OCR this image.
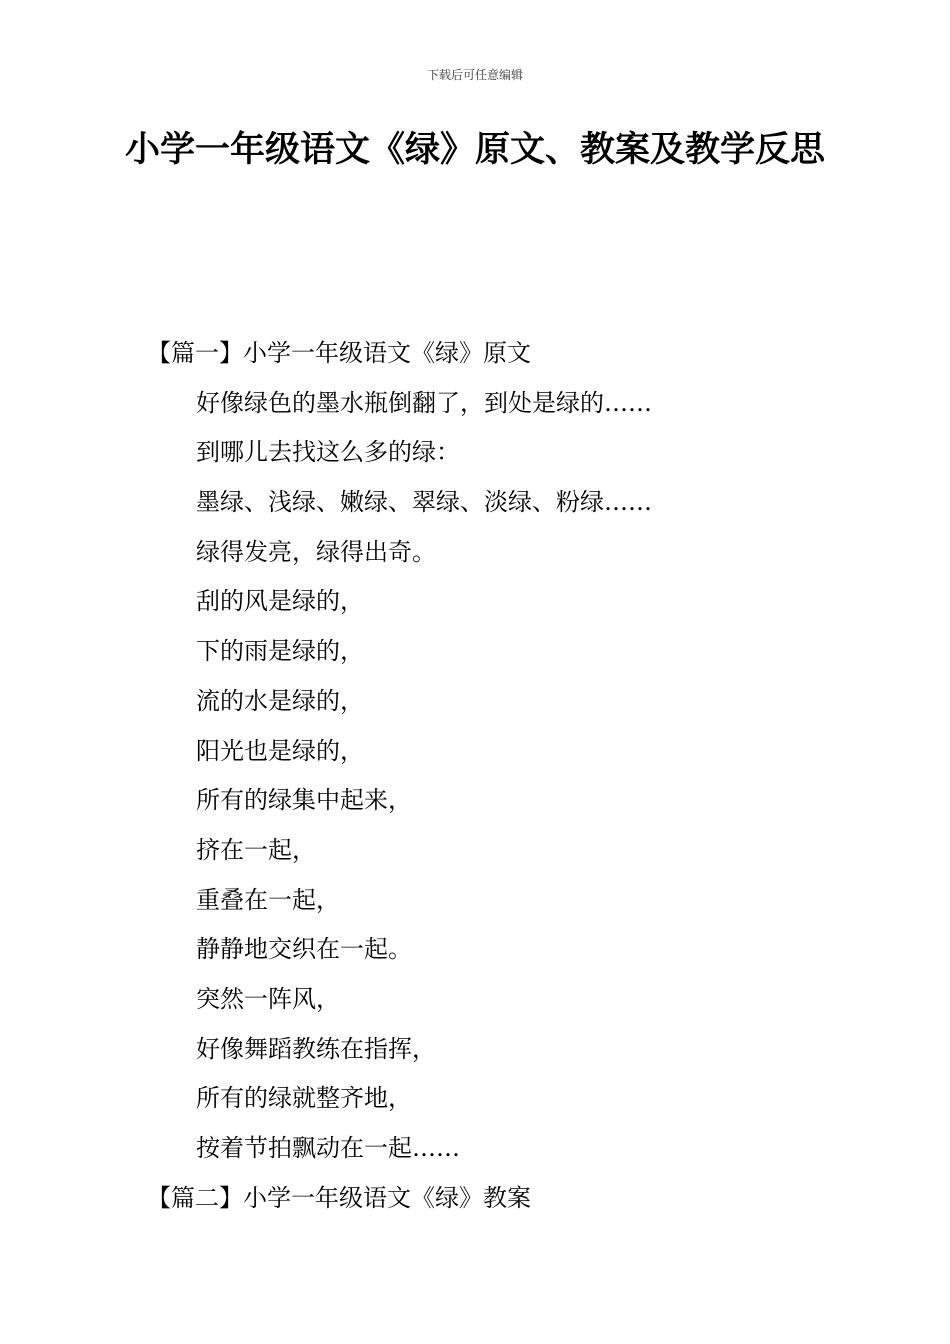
下载后可任意编辑
小学一年级语文《绿》原文、教案及教学反思
【篇一】小学一年级语文《绿》原文
好像绿色的墨水瓶倒翻了，到处是绿的……
到哪儿去找这么多的绿：
墨绿、浅绿、嫩绿、翠绿、淡绿、粉绿……
绿得发亮，绿得出奇。
刮的风是绿的，
下的雨是绿的，
流的水是绿的，
阳光也是绿的，
所有的绿集中起来，
挤在一起，
重叠在一起，
静静地交织在一起。
突然一阵风，
好像舞蹈教练在指挥，
所有的绿就整齐地，
按着节拍飘动在一起……
【篇二】小学一年级语文《绿》教案
